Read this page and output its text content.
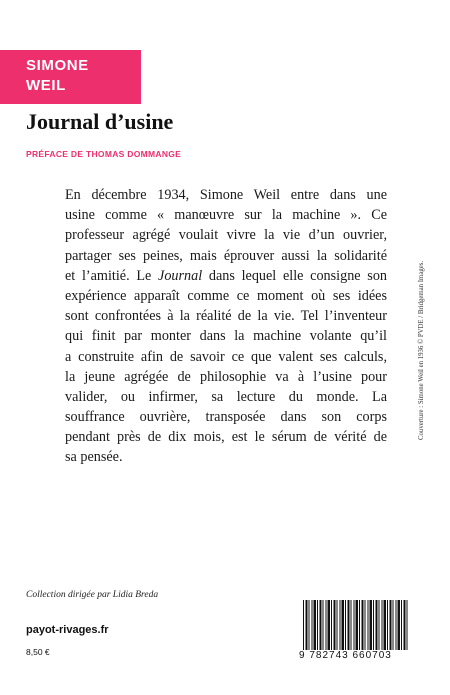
SIMONE
WEIL
Journal d’usine
PRÉFACE DE THOMAS DOMMANGE
En décembre 1934, Simone Weil entre dans une
usine comme « manœuvre sur la machine ». Ce
professeur agrégé voulait vivre la vie d’un ouvrier,
partager ses peines, mais éprouver aussi la solidarité
et l’amitié. Le Journal dans lequel elle consigne son
expérience apparaît comme ce moment où ses idées
sont confrontées à la réalité de la vie. Tel l’inventeur
qui finit par monter dans la machine volante qu’il
a construite afin de savoir ce que valent ses calculs,
la jeune agrégée de philosophie va à l’usine pour
valider, ou infirmer, sa lecture du monde. La
souffrance ouvrière, transposée dans son corps
pendant près de dix mois, est le sérum de vérité de
sa pensée.
Couverture : Simone Weil en 1936 © PVDE / Bridgeman Images.
Collection dirigée par Lidia Breda
payot-rivages.fr
8,50 €	9 782743 660703
